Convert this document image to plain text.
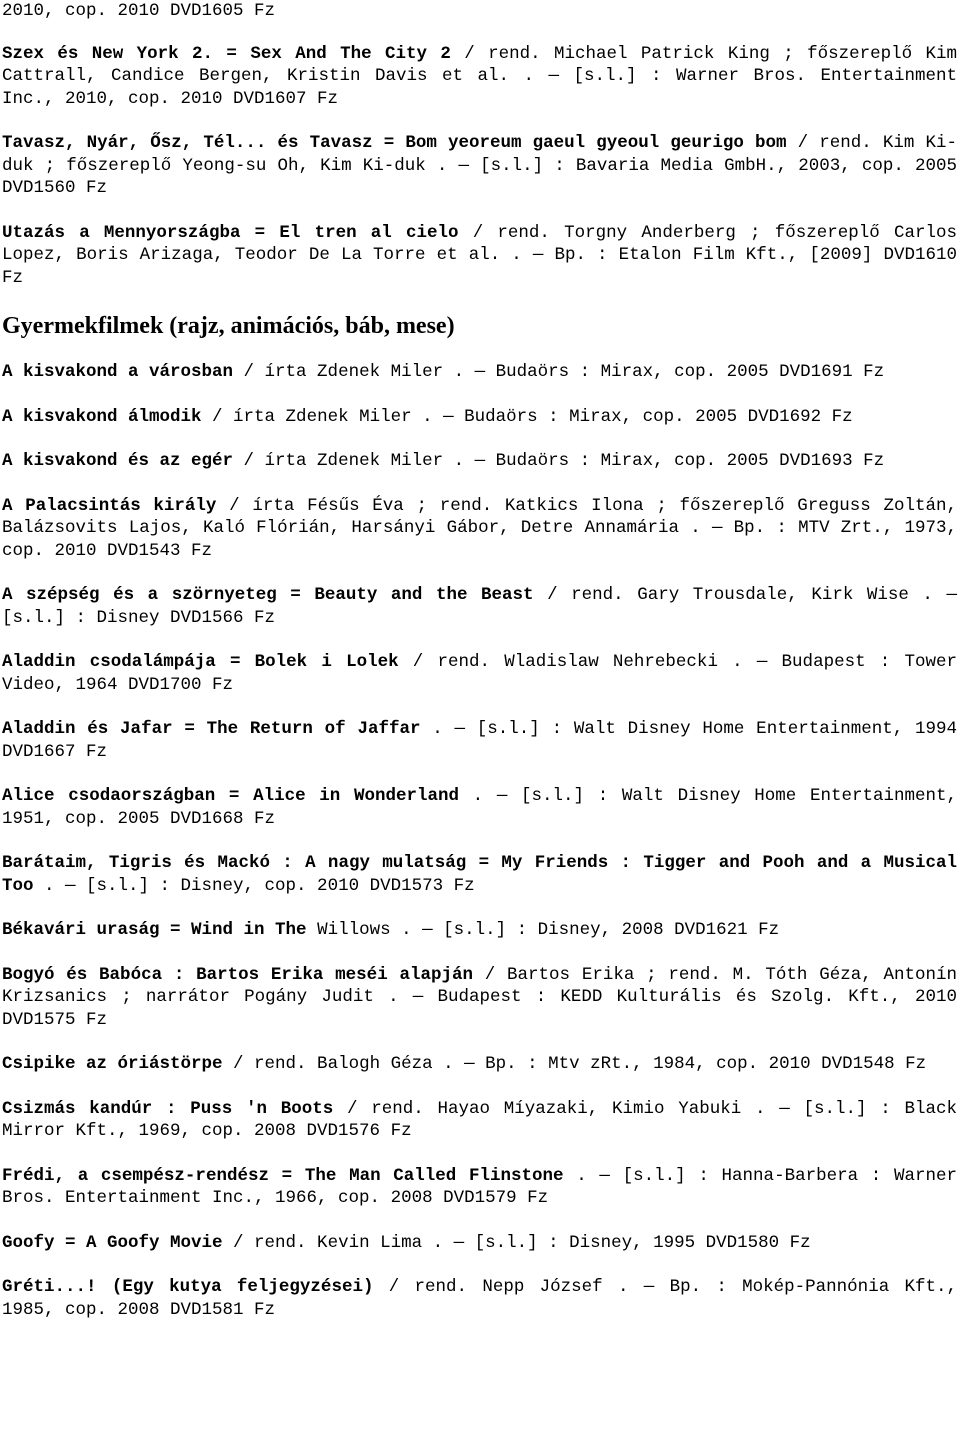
2010, cop. 2010 DVD1605 Fz

Szex és New York 2. = Sex And The City 2 / rend. Michael Patrick King ; főszereplő Kim Cattrall, Candice Bergen, Kristin Davis et al. . — [s.l.] : Warner Bros. Entertainment Inc., 2010, cop. 2010 DVD1607 Fz

Tavasz, Nyár, Ősz, Tél... és Tavasz = Bom yeoreum gaeul gyeoul geurigo bom / rend. Kim Ki-duk ; főszereplő Yeong-su Oh, Kim Ki-duk . — [s.l.] : Bavaria Media GmbH., 2003, cop. 2005 DVD1560 Fz

Utazás a Mennyországba = El tren al cielo / rend. Torgny Anderberg ; főszereplő Carlos Lopez, Boris Arizaga, Teodor De La Torre et al. . — Bp. : Etalon Film Kft., [2009] DVD1610 Fz

Gyermekfilmek (rajz, animációs, báb, mese)

A kisvakond a városban / írta Zdenek Miler . — Budaörs : Mirax, cop. 2005 DVD1691 Fz

A kisvakond álmodik / írta Zdenek Miler . — Budaörs : Mirax, cop. 2005 DVD1692 Fz

A kisvakond és az egér / írta Zdenek Miler . — Budaörs : Mirax, cop. 2005 DVD1693 Fz

A Palacsintás király / írta Fésűs Éva ; rend. Katkics Ilona ; főszereplő Greguss Zoltán, Balázsovits Lajos, Kaló Flórián, Harsányi Gábor, Detre Annamária . — Bp. : MTV Zrt., 1973, cop. 2010 DVD1543 Fz

A szépség és a szörnyeteg = Beauty and the Beast / rend. Gary Trousdale, Kirk Wise . — [s.l.] : Disney DVD1566 Fz

Aladdin csodalámpája = Bolek i Lolek / rend. Wladislaw Nehrebecki . — Budapest : Tower Video, 1964 DVD1700 Fz

Aladdin és Jafar = The Return of Jaffar . — [s.l.] : Walt Disney Home Entertainment, 1994 DVD1667 Fz

Alice csodaországban = Alice in Wonderland . — [s.l.] : Walt Disney Home Entertainment, 1951, cop. 2005 DVD1668 Fz

Barátaim, Tigris és Mackó : A nagy mulatság = My Friends : Tigger and Pooh and a Musical Too . — [s.l.] : Disney, cop. 2010 DVD1573 Fz

Békavári uraság = Wind in The Willows . — [s.l.] : Disney, 2008 DVD1621 Fz

Bogyó és Babóca : Bartos Erika meséi alapján / Bartos Erika ; rend. M. Tóth Géza, Antonín Krizsanics ; narrátor Pogány Judit . — Budapest : KEDD Kulturális és Szolg. Kft., 2010 DVD1575 Fz

Csipike az óriástörpe / rend. Balogh Géza . — Bp. : Mtv zRt., 1984, cop. 2010 DVD1548 Fz

Csizmás kandúr : Puss 'n Boots / rend. Hayao Míyazaki, Kimio Yabuki . — [s.l.] : Black Mirror Kft., 1969, cop. 2008 DVD1576 Fz

Frédi, a csempész-rendész = The Man Called Flinstone . — [s.l.] : Hanna-Barbera : Warner Bros. Entertainment Inc., 1966, cop. 2008 DVD1579 Fz

Goofy = A Goofy Movie / rend. Kevin Lima . — [s.l.] : Disney, 1995 DVD1580 Fz

Gréti...! (Egy kutya feljegyzései) / rend. Nepp József . — Bp. : Mokép-Pannónia Kft., 1985, cop. 2008 DVD1581 Fz
